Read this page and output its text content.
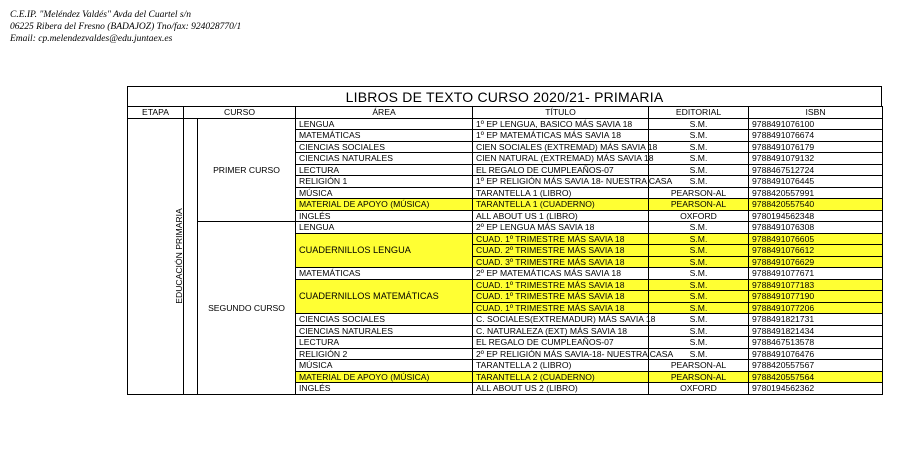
C.E.IP. "Meléndez Valdés" Avda del Cuartel s/n
06225 Ribera del Fresno (BADAJOZ) Tno/fax: 924028770/1
Email: cp.melendezvaldes@edu.juntaex.es
LIBROS DE TEXTO CURSO 2020/21- PRIMARIA
ETAPA	CURSO		ÁREA	TÍTULO	EDITORIAL	ISBN
EDUCACIÓN PRIMARIA		PRIMER CURSO	LENGUA	1º EP LENGUA, BASICO MÁS SAVIA 18	S.M.	9788491076100
			MATEMÁTICAS	1º EP MATEMÁTICAS MÁS SAVIA 18	S.M.	9788491076674
			CIENCIAS SOCIALES	CIEN SOCIALES (EXTREMAD) MÁS SAVIA 18	S.M.	9788491076179
			CIENCIAS NATURALES	CIEN NATURAL (EXTREMAD) MÁS SAVIA 18	S.M.	9788491079132
			LECTURA	EL REGALO DE CUMPLEAÑOS-07	S.M.	9788467512724
			RELIGIÓN 1	1º EP RELIGIÓN MÁS SAVIA 18- NUESTRA CASA	S.M.	9788491076445
			MÚSICA	TARANTELLA 1 (LIBRO)	PEARSON-AL	9788420557991
			MATERIAL DE APOYO (MÚSICA)	TARANTELLA 1 (CUADERNO)	PEARSON-AL	9788420557540
			INGLÉS	ALL ABOUT US 1 (LIBRO)	OXFORD	9780194562348
		SEGUNDO CURSO	LENGUA	2º EP LENGUA MÁS SAVIA 18	S.M.	9788491076308
			CUADERNILLOS LENGUA	CUAD. 1º TRIMESTRE MÁS SAVIA 18	S.M.	9788491076605
				CUAD. 2º TRIMESTRE MÁS SAVIA 18	S.M.	9788491076612
				CUAD. 3º TRIMESTRE MÁS SAVIA 18	S.M.	9788491076629
			MATEMÁTICAS	2º EP MATEMÁTICAS MÁS SAVIA 18	S.M.	9788491077671
			CUADERNILLOS MATEMÁTICAS	CUAD. 1º TRIMESTRE MÁS SAVIA 18	S.M.	9788491077183
				CUAD. 1º TRIMESTRE MÁS SAVIA 18	S.M.	9788491077190
				CUAD. 1º TRIMESTRE MÁS SAVIA 18	S.M.	9788491077206
			CIENCIAS SOCIALES	C. SOCIALES(EXTREMADUR) MÁS SAVIA 18	S.M.	9788491821731
			CIENCIAS NATURALES	C. NATURALEZA (EXT) MÁS SAVIA 18	S.M.	9788491821434
			LECTURA	EL REGALO DE CUMPLEAÑOS-07	S.M.	9788467513578
			RELIGIÓN 2	2º EP RELIGIÓN MÁS SAVIA-18- NUESTRA CASA	S.M.	9788491076476
			MÚSICA	TARANTELLA 2 (LIBRO)	PEARSON-AL	9788420557567
			MATERIAL DE APOYO (MÚSICA)	TARANTELLA 2 (CUADERNO)	PEARSON-AL	9788420557564
			INGLÉS	ALL ABOUT US 2 (LIBRO)	OXFORD	9780194562362
